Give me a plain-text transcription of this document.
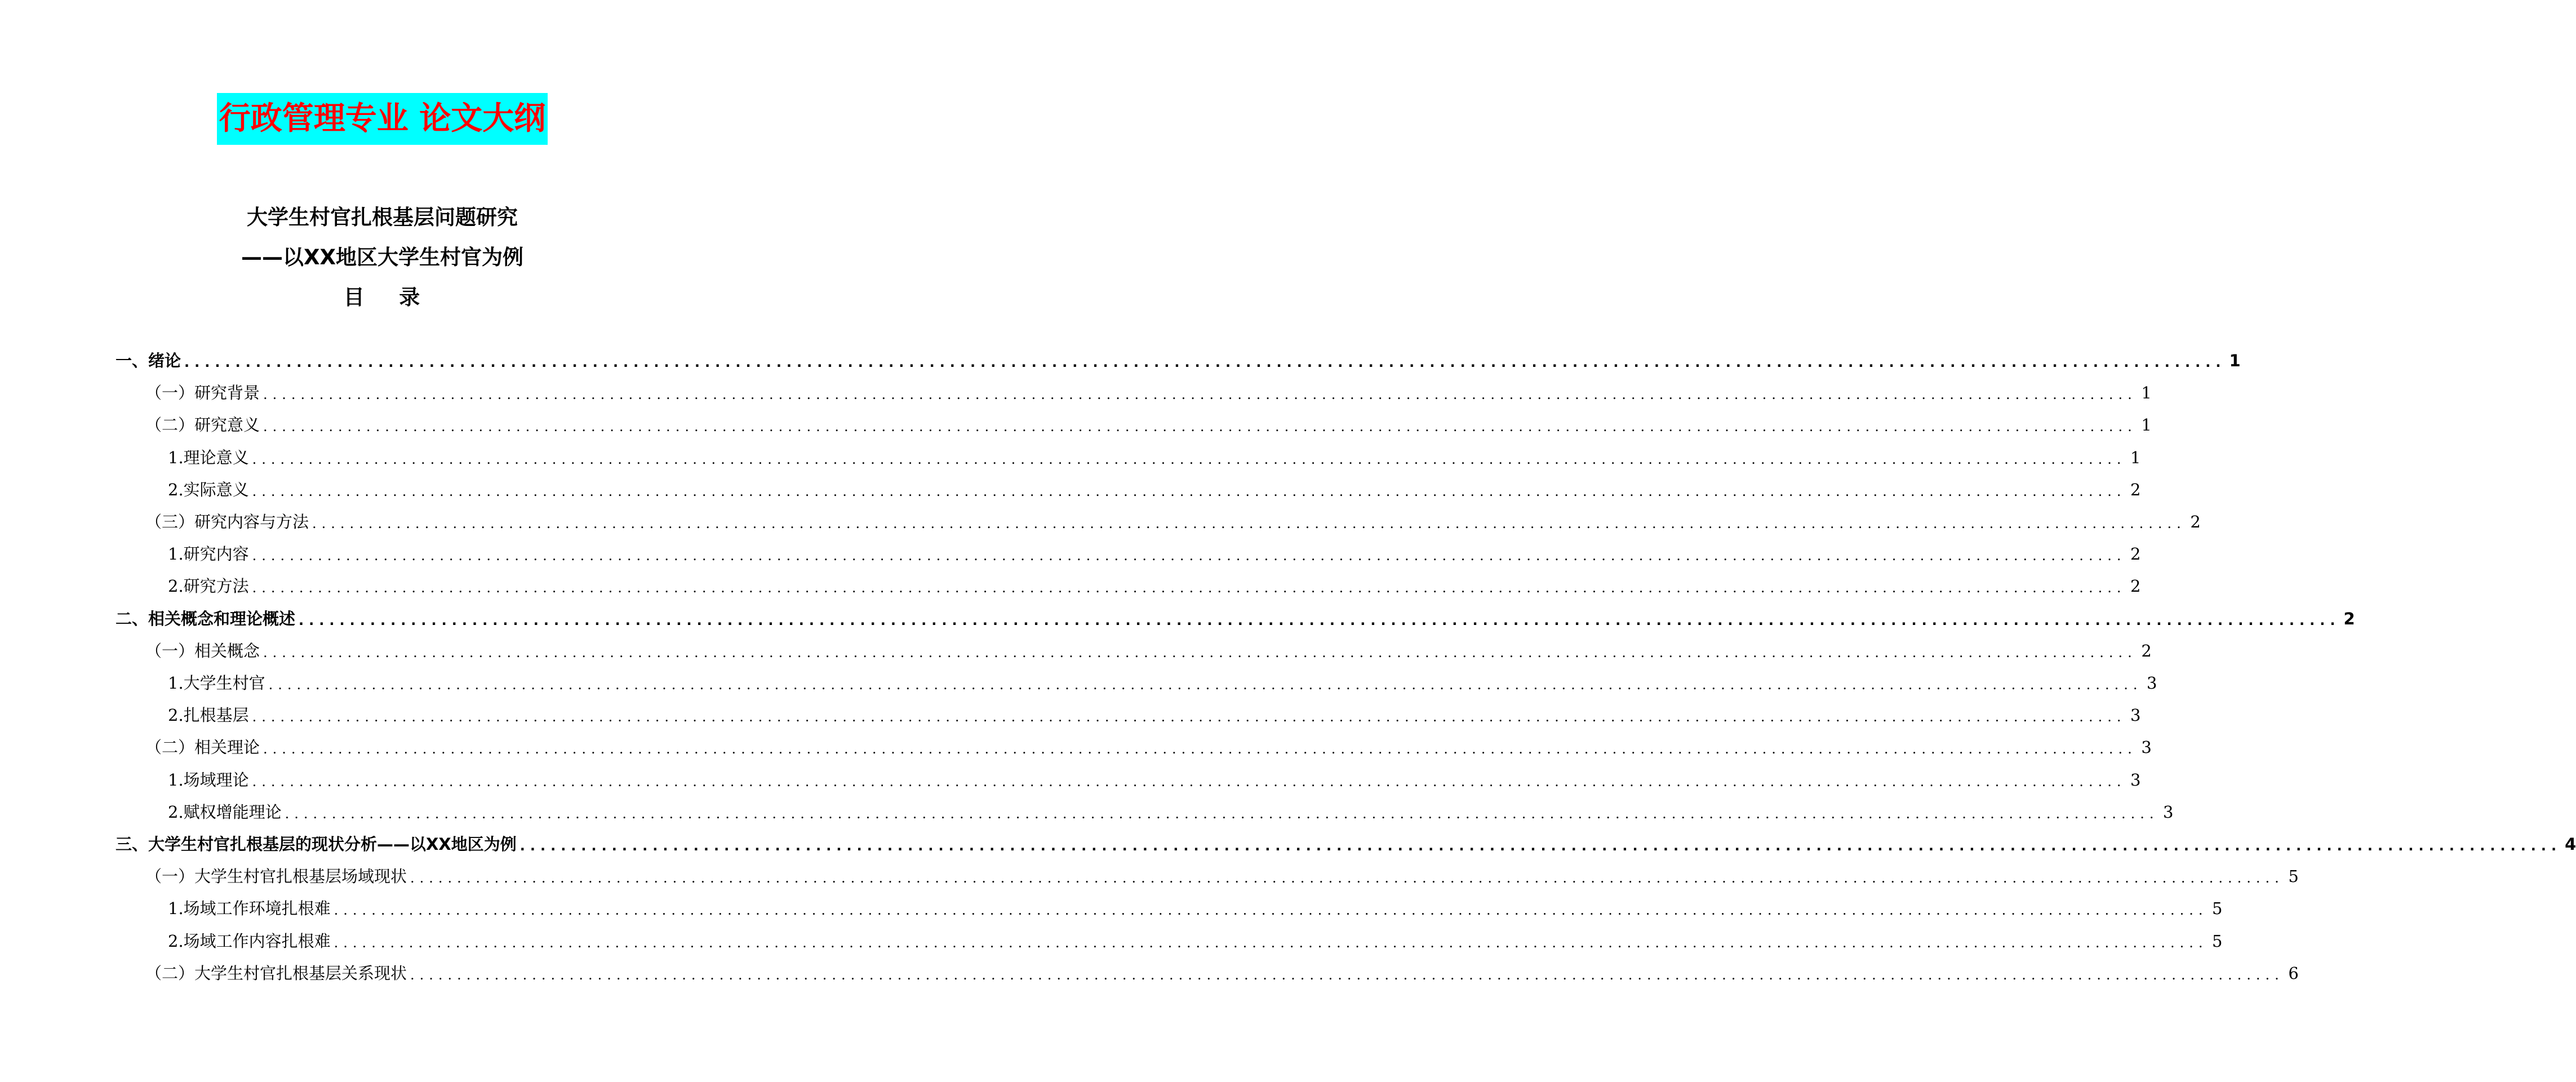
行政管理专业 论文大纲
大学生村官扎根基层问题研究
——以XX地区大学生村官为例
目    录
一、绪论 ........................................................................................................................................................................................................ 1
（一）研究背景 ........................................................................................................................................................................................................ 1
（二）研究意义 ........................................................................................................................................................................................................ 1
1.理论意义 ........................................................................................................................................................................................................ 1
2.实际意义 ........................................................................................................................................................................................................ 2
（三）研究内容与方法 ........................................................................................................................................................................................................ 2
1.研究内容 ........................................................................................................................................................................................................ 2
2.研究方法 ........................................................................................................................................................................................................ 2
二、相关概念和理论概述 ........................................................................................................................................................................................................ 2
（一）相关概念 ........................................................................................................................................................................................................ 2
1.大学生村官 ........................................................................................................................................................................................................ 3
2.扎根基层 ........................................................................................................................................................................................................ 3
（二）相关理论 ........................................................................................................................................................................................................ 3
1.场域理论 ........................................................................................................................................................................................................ 3
2.赋权增能理论 ........................................................................................................................................................................................................ 3
三、大学生村官扎根基层的现状分析——以XX地区为例 ........................................................................................................................................................................................................ 4
（一）大学生村官扎根基层场域现状 ........................................................................................................................................................................................................ 5
1.场域工作环境扎根难 ........................................................................................................................................................................................................ 5
2.场域工作内容扎根难 ........................................................................................................................................................................................................ 5
（二）大学生村官扎根基层关系现状 ........................................................................................................................................................................................................ 6
